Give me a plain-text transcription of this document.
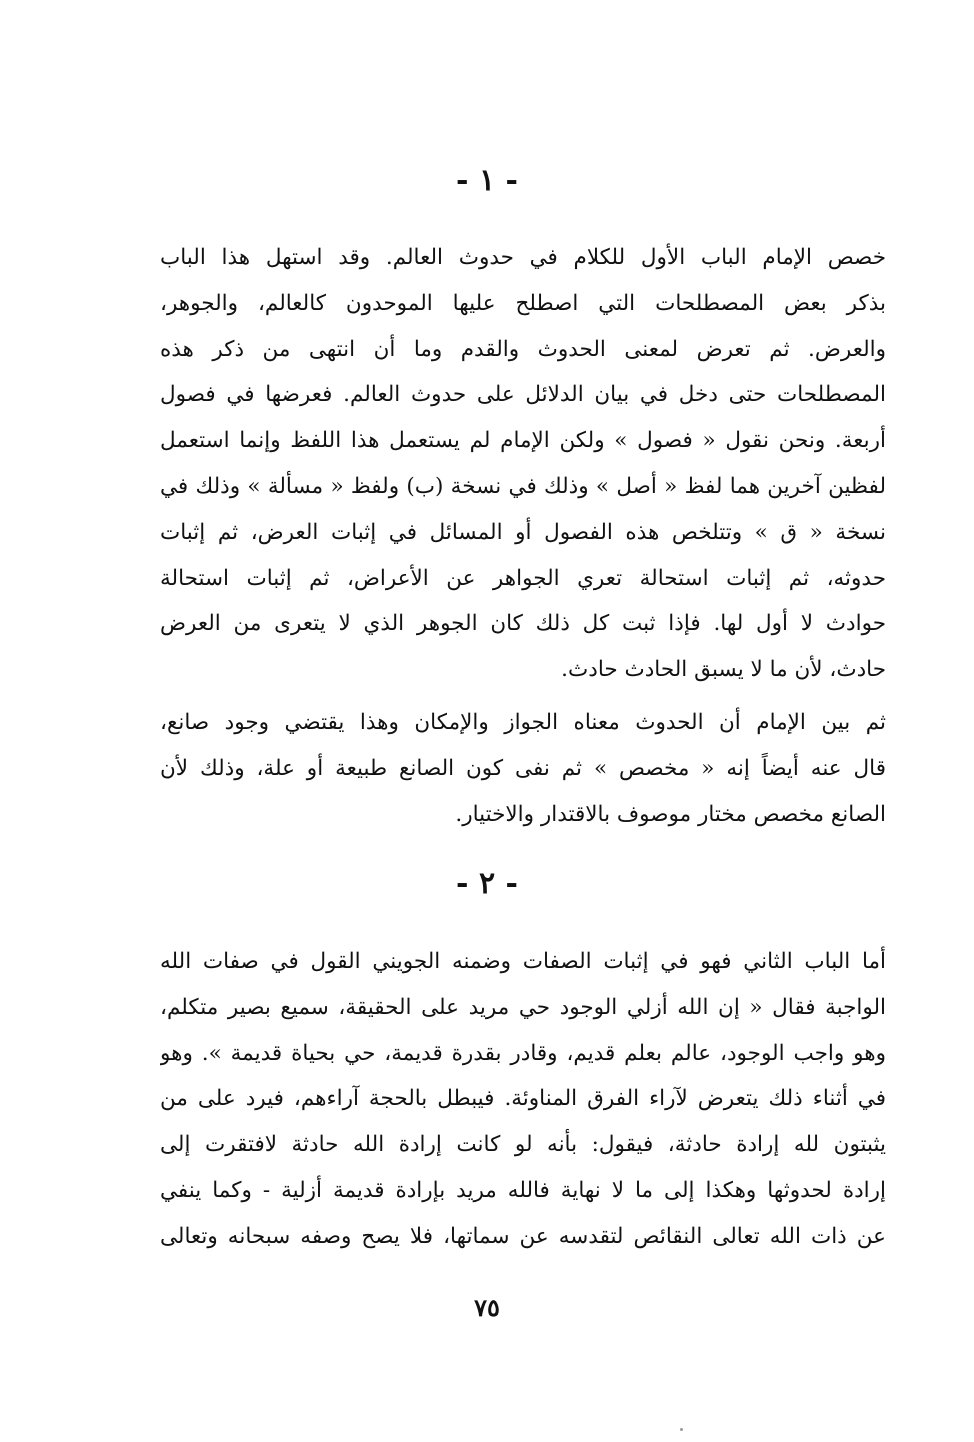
- ١ -
خصص الإمام الباب الأول للكلام في حدوث العالم. وقد استهل هذا الباب
بذكر بعض المصطلحات التي اصطلح عليها الموحدون كالعالم، والجوهر،
والعرض. ثم تعرض لمعنى الحدوث والقدم وما أن انتهى من ذكر هذه
المصطلحات حتى دخل في بيان الدلائل على حدوث العالم. فعرضها في فصول
أربعة. ونحن نقول « فصول » ولكن الإمام لم يستعمل هذا اللفظ وإنما استعمل
لفظين آخرين هما لفظ « أصل » وذلك في نسخة (ب) ولفظ « مسألة » وذلك في
نسخة « ق » وتتلخص هذه الفصول أو المسائل في إثبات العرض، ثم إثبات
حدوثه، ثم إثبات استحالة تعري الجواهر عن الأعراض، ثم إثبات استحالة
حوادث لا أول لها. فإذا ثبت كل ذلك كان الجوهر الذي لا يتعرى من العرض
حادث، لأن ما لا يسبق الحادث حادث.
ثم بين الإمام أن الحدوث معناه الجواز والإمكان وهذا يقتضي وجود صانع،
قال عنه أيضاً إنه « مخصص » ثم نفى كون الصانع طبيعة أو علة، وذلك لأن
الصانع مخصص مختار موصوف بالاقتدار والاختيار.
- ٢ -
أما الباب الثاني فهو في إثبات الصفات وضمنه الجويني القول في صفات الله
الواجبة فقال « إن الله أزلي الوجود حي مريد على الحقيقة، سميع بصير متكلم،
وهو واجب الوجود، عالم بعلم قديم، وقادر بقدرة قديمة، حي بحياة قديمة ». وهو
في أثناء ذلك يتعرض لآراء الفرق المناوئة. فيبطل بالحجة آراءهم، فيرد على من
يثبتون لله إرادة حادثة، فيقول: بأنه لو كانت إرادة الله حادثة لافتقرت إلى
إرادة لحدوثها وهكذا إلى ما لا نهاية فالله مريد بإرادة قديمة أزلية - وكما ينفي
عن ذات الله تعالى النقائص لتقدسه عن سماتها، فلا يصح وصفه سبحانه وتعالى
٧٥
